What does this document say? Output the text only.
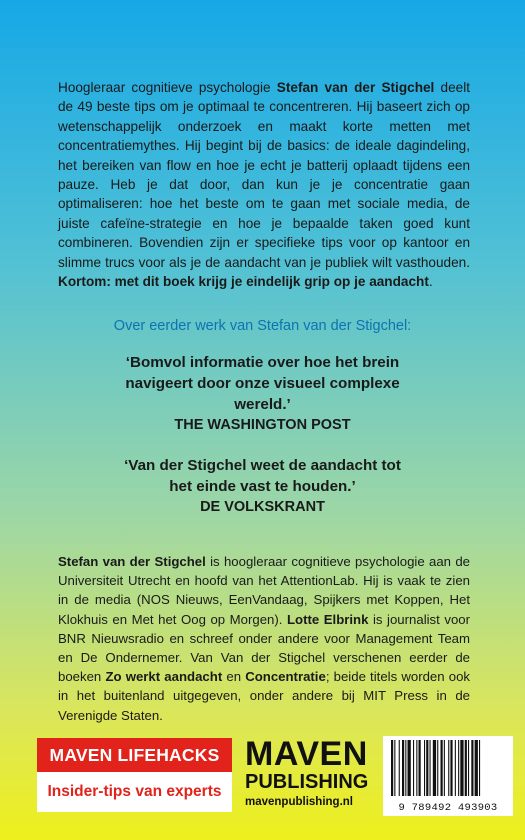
Hoogleraar cognitieve psychologie Stefan van der Stigchel deelt de 49 beste tips om je optimaal te concentreren. Hij baseert zich op wetenschappelijk onderzoek en maakt korte metten met concentratiemythes. Hij begint bij de basics: de ideale dagindeling, het bereiken van flow en hoe je echt je batterij oplaadt tijdens een pauze. Heb je dat door, dan kun je je concentratie gaan optimaliseren: hoe het beste om te gaan met sociale media, de juiste cafeïne-strategie en hoe je bepaalde taken goed kunt combineren. Bovendien zijn er specifieke tips voor op kantoor en slimme trucs voor als je de aandacht van je publiek wilt vasthouden. Kortom: met dit boek krijg je eindelijk grip op je aandacht.
Over eerder werk van Stefan van der Stigchel:
‘Bomvol informatie over hoe het brein navigeert door onze visueel complexe wereld.’
THE WASHINGTON POST
‘Van der Stigchel weet de aandacht tot het einde vast te houden.’
DE VOLKSKRANT
Stefan van der Stigchel is hoogleraar cognitieve psychologie aan de Universiteit Utrecht en hoofd van het AttentionLab. Hij is vaak te zien in de media (NOS Nieuws, EenVandaag, Spijkers met Koppen, Het Klokhuis en Met het Oog op Morgen). Lotte Elbrink is journalist voor BNR Nieuwsradio en schreef onder andere voor Management Team en De Ondernemer. Van Van der Stigchel verschenen eerder de boeken Zo werkt aandacht en Concentratie; beide titels worden ook in het buitenland uitgegeven, onder andere bij MIT Press in de Verenigde Staten.
MAVEN LIFEHACKS
Insider-tips van experts
MAVEN
PUBLISHING
mavenpublishing.nl	9 789492 493903
